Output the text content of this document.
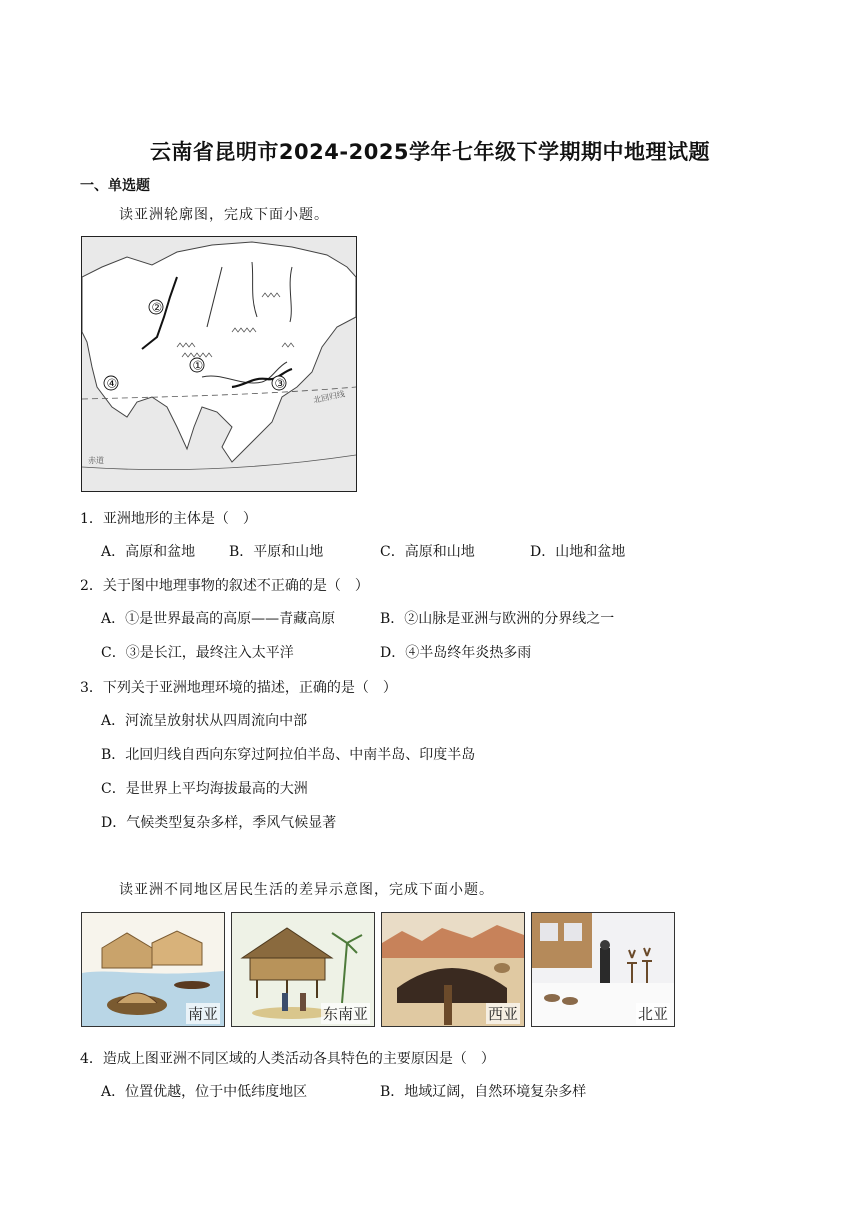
云南省昆明市2024-2025学年七年级下学期期中地理试题
一、单选题
读亚洲轮廓图，完成下面小题。
①
②
③
④
北回归线
赤道
1．亚洲地形的主体是（　）
A．高原和盆地 B．平原和山地	C．高原和山地	D．山地和盆地
2．关于图中地理事物的叙述不正确的是（　）
A．①是世界最高的高原——青藏高原	B．②山脉是亚洲与欧洲的分界线之一
C．③是长江，最终注入太平洋	D．④半岛终年炎热多雨
3．下列关于亚洲地理环境的描述，正确的是（　）
A．河流呈放射状从四周流向中部
B．北回归线自西向东穿过阿拉伯半岛、中南半岛、印度半岛
C．是世界上平均海拔最高的大洲
D．气候类型复杂多样，季风气候显著
读亚洲不同地区居民生活的差异示意图，完成下面小题。
南亚	东南亚	西亚	北亚
4．造成上图亚洲不同区域的人类活动各具特色的主要原因是（　）
A．位置优越，位于中低纬度地区	B．地域辽阔，自然环境复杂多样
